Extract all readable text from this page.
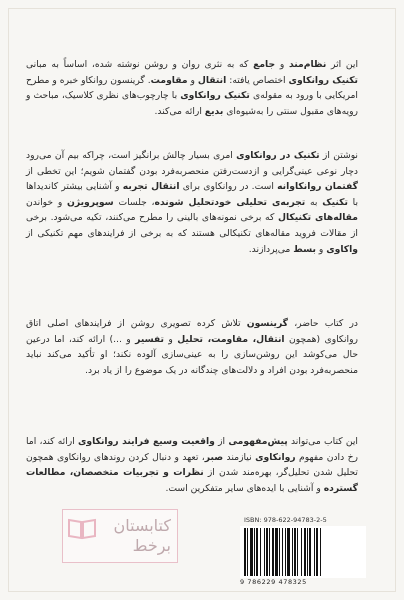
این اثر نظام‌مند و جامع که به نثری روان و روشن نوشته شده، اساساً به مبانی تکنیک روانکاوی اختصاص یافته: انتقال و مقاومت. گرینسون روانکاو خبره و مطرح امریکایی با ورود به مقوله‌ی تکنیک روانکاوی با چارچوب‌های نظری کلاسیک، مباحث و رویه‌های مقبول سنتی را به‌شیوه‌ای بدیع ارائه می‌کند.

نوشتن از تکنیک در روانکاوی امری بسیار چالش برانگیز است، چراکه بیم آن می‌رود دچار نوعی عینی‌گرایی و ازدست‌رفتن منحصربه‌فرد بودن گفتمان شویم؛ این تخطی از گفتمان روانکاوانه است. در روانکاوی برای انتقال تجربه و آشنایی بیشتر کاندیداها با تکنیک به تجربه‌ی تحلیلی خودتحلیل شونده، جلسات سوپرویژن و خواندن مقاله‌های تکنیکال که برخی نمونه‌های بالینی را مطرح می‌کنند، تکیه می‌شود. برخی از مقالات فروید مقاله‌های تکنیکالی هستند که به برخی از فرایندهای مهم تکنیکی از واکاوی و بسط می‌پردازند.

در کتاب حاضر، گرینسون تلاش کرده تصویری روشن از فرایندهای اصلی اتاق روانکاوی (همچون انتقال، مقاومت، تحلیل و تفسیر و ...) ارائه کند، اما درعین حال می‌کوشد این روشن‌سازی را به عینی‌سازی آلوده نکند؛ او تأکید می‌کند نباید منحصربه‌فرد بودن افراد و دلالت‌های چندگانه در یک موضوع را از یاد برد.

این کتاب می‌تواند پیش‌مفهومی از واقعیت وسیع فرایند روانکاوی ارائه کند، اما رخ دادن مفهوم روانکاوی نیازمند صبر، تعهد و دنبال کردن روندهای روانکاوی همچون تحلیل شدن تحلیل‌گر، بهره‌مند شدن از نظرات و تجربیات متخصصان، مطالعات گسترده و آشنایی با ایده‌های سایر متفکرین است.

کتابستان
برخط
ISBN: 978-622-94783-2-5
9 786229 478325
